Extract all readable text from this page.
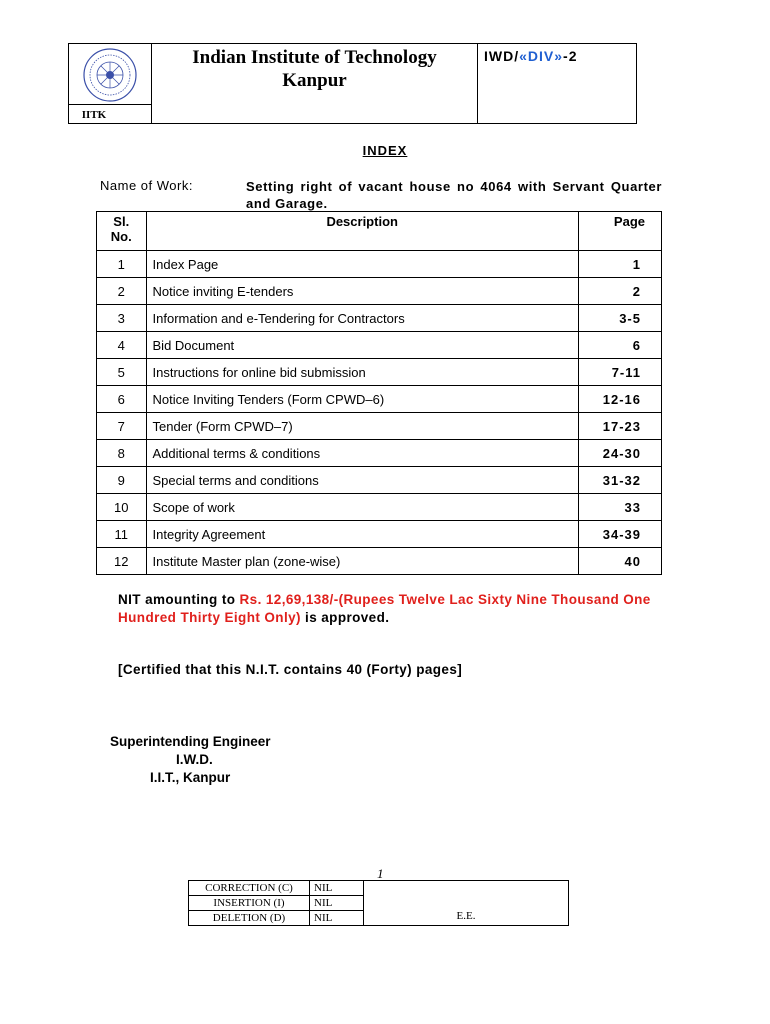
IITK
Indian Institute of Technology
Kanpur
IWD/«DIV»-2
INDEX
Name of Work:	Setting right of vacant house no 4064 with Servant Quarter and Garage.
Sl. No.	Description	Page
1	Index Page	1
2	Notice inviting E-tenders	2
3	Information and e-Tendering for Contractors	3-5
4	Bid Document	6
5	Instructions for online bid submission	7-11
6	Notice Inviting Tenders (Form CPWD–6)	12-16
7	Tender (Form CPWD–7)	17-23
8	Additional terms & conditions	24-30
9	Special terms and conditions	31-32
10	Scope of work	33
11	Integrity Agreement	34-39
12	Institute Master plan (zone-wise)	40
NIT amounting to Rs. 12,69,138/-(Rupees Twelve Lac Sixty Nine Thousand One Hundred Thirty Eight Only) is approved.
[Certified that this N.I.T. contains 40 (Forty) pages]
Superintending Engineer
I.W.D.
I.I.T., Kanpur
1
CORRECTION (C)	NIL	E.E.
INSERTION (I)	NIL	
DELETION (D)	NIL	
